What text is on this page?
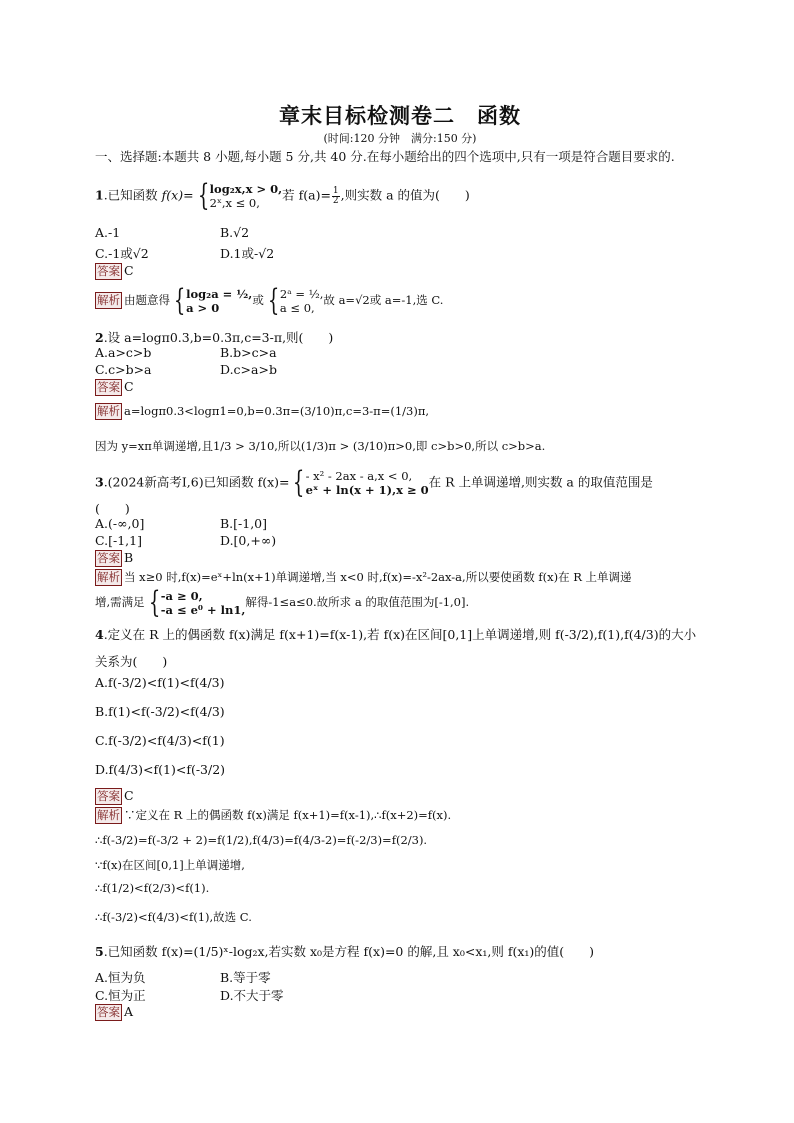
章末目标检测卷二　函数
(时间:120 分钟　满分:150 分)
一、选择题:本题共 8 小题,每小题 5 分,共 40 分.在每小题给出的四个选项中,只有一项是符合题目要求的.
1.已知函数 f(x)= { log₂x,x > 0,
2ˣ,x ≤ 0,
若 $f(a)= \frac{1}{2}$ ,则实数 a 的值为(　　)
A.-1	B.√2
C.-1或√2	D.1或-√2
答案 C
解析 由题意得 { log₂a = ½,
a > 0
或 { 2ᵃ = ½,
a ≤ 0,
故 a=√2或 a=-1,选 C.
2.设 a=logπ0.3,b=0.3π,c=3-π,则(　　)
A.a>c>b	B.b>c>a
C.c>b>a	D.c>a>b
答案 C
解析 a=logπ0.3<logπ1=0,b=0.3π=(3/10)π,c=3-π=(1/3)π,
因为 y=xπ单调递增,且1/3 > 3/10,所以(1/3)π > (3/10)π>0,即 c>b>0,所以 c>b>a.
3.(2024新高考Ⅰ,6)已知函数 f(x)= { - x² - 2ax - a,x < 0,
eˣ + ln(x + 1),x ≥ 0
在 R 上单调递增,则实数 a 的取值范围是
(　　)
A.(-∞,0]	B.[-1,0]
C.[-1,1]	D.[0,+∞)
答案 B
解析 当 x≥0 时,f(x)=eˣ+ln(x+1)单调递增,当 x<0 时,f(x)=-x²-2ax-a,所以要使函数 f(x)在 R 上单调递
增,需满足 { -a ≥ 0,
-a ≤ e⁰ + ln1,
解得-1≤a≤0.故所求 a 的取值范围为[-1,0].
4.定义在 R 上的偶函数 f(x)满足 f(x+1)=f(x-1),若 f(x)在区间[0,1]上单调递增,则 f(-3/2),f(1),f(4/3)的大小
关系为(　　)
A.f(-3/2)<f(1)<f(4/3)
B.f(1)<f(-3/2)<f(4/3)
C.f(-3/2)<f(4/3)<f(1)
D.f(4/3)<f(1)<f(-3/2)
答案 C
解析 ∵定义在 R 上的偶函数 f(x)满足 f(x+1)=f(x-1),∴f(x+2)=f(x).
∴f(-3/2)=f(-3/2 + 2)=f(1/2),f(4/3)=f(4/3-2)=f(-2/3)=f(2/3).
∵f(x)在区间[0,1]上单调递增,
∴f(1/2)<f(2/3)<f(1).
∴f(-3/2)<f(4/3)<f(1),故选 C.
5.已知函数 f(x)=(1/5)ˣ-log₂x,若实数 x₀是方程 f(x)=0 的解,且 x₀<x₁,则 f(x₁)的值(　　)
A.恒为负	B.等于零
C.恒为正	D.不大于零
答案 A
